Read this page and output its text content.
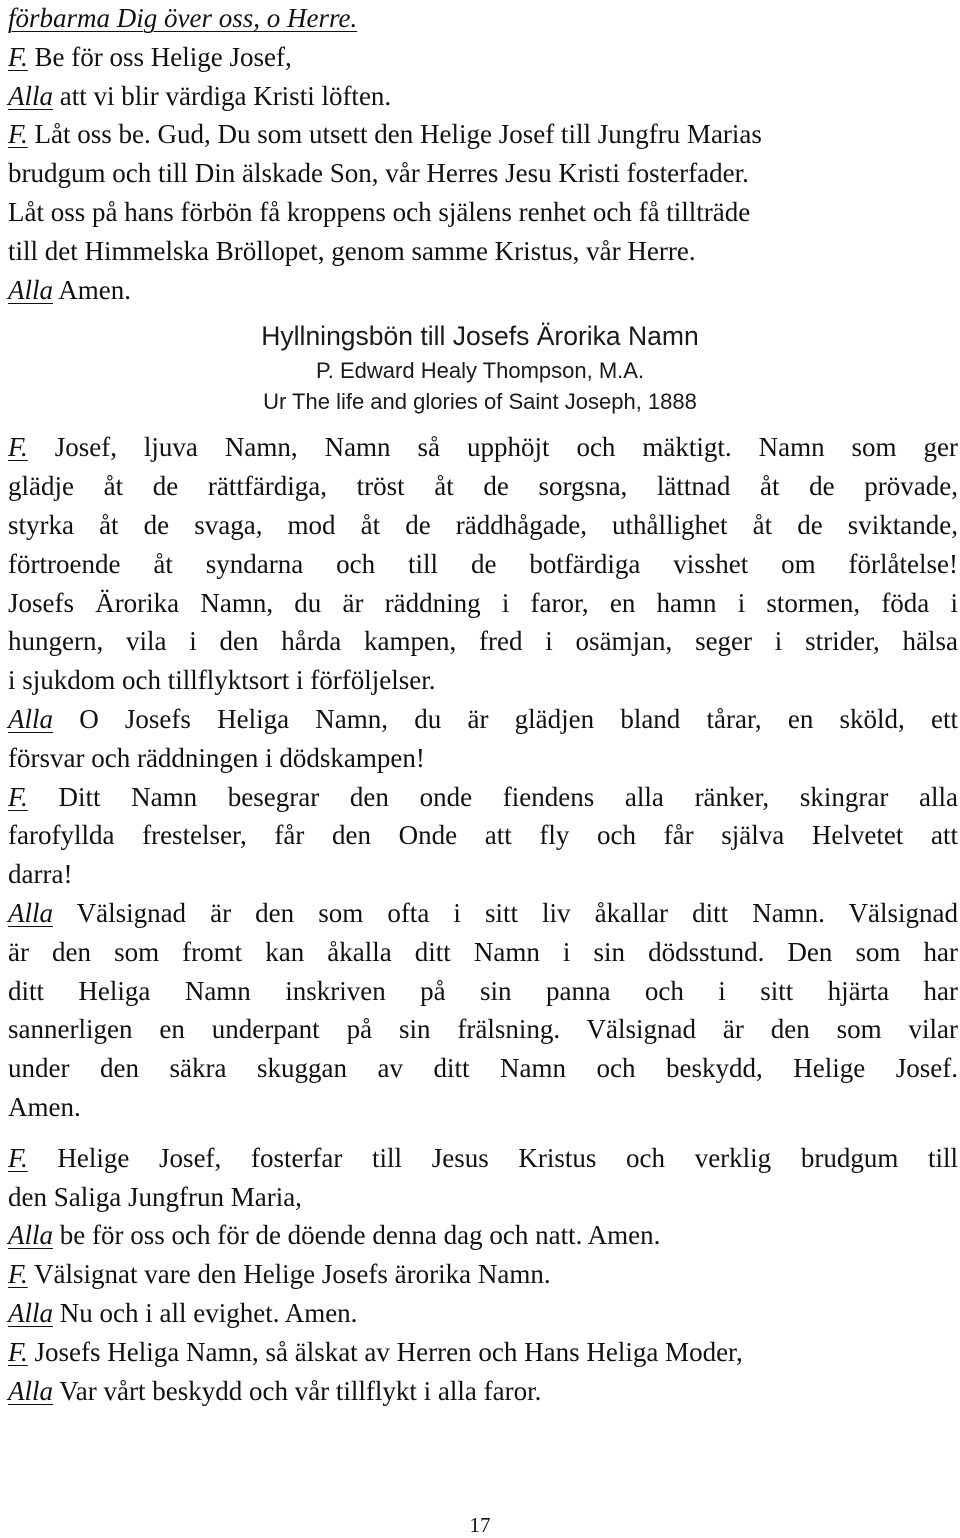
förbarma Dig över oss, o Herre.
F. Be för oss Helige Josef,
Alla att vi blir värdiga Kristi löften.
F. Låt oss be. Gud, Du som utsett den Helige Josef till Jungfru Marias
brudgum och till Din älskade Son, vår Herres Jesu Kristi fosterfader.
Låt oss på hans förbön få kroppens och själens renhet och få tillträde
till det Himmelska Bröllopet, genom samme Kristus, vår Herre.
Alla Amen.
Hyllningsbön till Josefs Ärorika Namn
P. Edward Healy Thompson, M.A.
Ur The life and glories of Saint Joseph, 1888
F. Josef, ljuva Namn, Namn så upphöjt och mäktigt. Namn som ger
glädje åt de rättfärdiga, tröst åt de sorgsna, lättnad åt de prövade,
styrka åt de svaga, mod åt de räddhågade, uthållighet åt de sviktande,
förtroende åt syndarna och till de botfärdiga visshet om förlåtelse!
Josefs Ärorika Namn, du är räddning i faror, en hamn i stormen, föda i
hungern, vila i den hårda kampen, fred i osämjan, seger i strider, hälsa
i sjukdom och tillflyktsort i förföljelser.
Alla O Josefs Heliga Namn, du är glädjen bland tårar, en sköld, ett
försvar och räddningen i dödskampen!
F. Ditt Namn besegrar den onde fiendens alla ränker, skingrar alla
farofyllda frestelser, får den Onde att fly och får själva Helvetet att
darra!
Alla Välsignad är den som ofta i sitt liv åkallar ditt Namn. Välsignad
är den som fromt kan åkalla ditt Namn i sin dödsstund. Den som har
ditt Heliga Namn inskriven på sin panna och i sitt hjärta har
sannerligen en underpant på sin frälsning. Välsignad är den som vilar
under den säkra skuggan av ditt Namn och beskydd, Helige Josef.
Amen.
F. Helige Josef, fosterfar till Jesus Kristus och verklig brudgum till
den Saliga Jungfrun Maria,
Alla be för oss och för de döende denna dag och natt. Amen.
F. Välsignat vare den Helige Josefs ärorika Namn.
Alla Nu och i all evighet. Amen.
F. Josefs Heliga Namn, så älskat av Herren och Hans Heliga Moder,
Alla Var vårt beskydd och vår tillflykt i alla faror.
17
